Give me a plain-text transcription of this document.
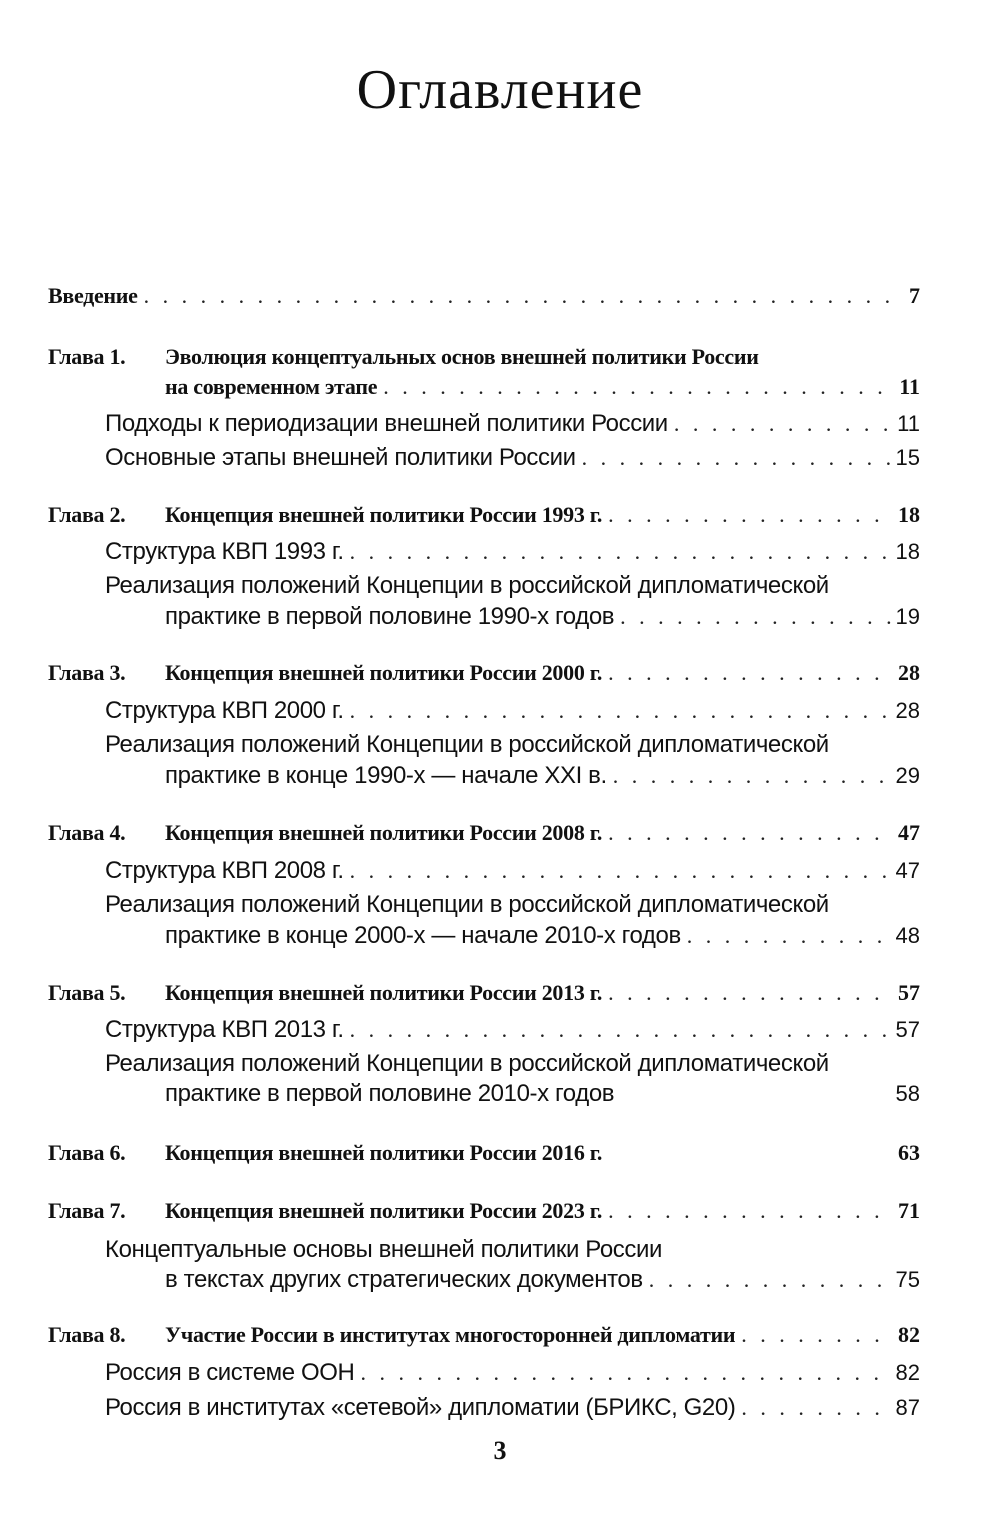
Оглавление
Введение . . .	7
Глава 1. Эволюция концептуальных основ внешней политики России
на современном этапе . . .	11
Подходы к периодизации внешней политики России . . .	11
Основные этапы внешней политики России . . .	15
Глава 2. Концепция внешней политики России 1993 г. . . .	18
Структура КВП 1993 г. . . .	18
Реализация положений Концепции в российской дипломатической
практике в первой половине 1990-х годов . . .	19
Глава 3. Концепция внешней политики России 2000 г. . . .	28
Структура КВП 2000 г. . . .	28
Реализация положений Концепции в российской дипломатической
практике в конце 1990-х — начале XXI в. . . .	29
Глава 4. Концепция внешней политики России 2008 г. . . .	47
Структура КВП 2008 г. . . .	47
Реализация положений Концепции в российской дипломатической
практике в конце 2000-х — начале 2010-х годов . . .	48
Глава 5. Концепция внешней политики России 2013 г. . . .	57
Структура КВП 2013 г. . . .	57
Реализация положений Концепции в российской дипломатической
практике в первой половине 2010-х годов	58
Глава 6. Концепция внешней политики России 2016 г.	63
Глава 7. Концепция внешней политики России 2023 г. . . .	71
Концептуальные основы внешней политики России
в текстах других стратегических документов . . .	75
Глава 8. Участие России в институтах многосторонней дипломатии . . .	82
Россия в системе ООН . . .	82
Россия в институтах «сетевой» дипломатии (БРИКС, G20) . . .	87
3
